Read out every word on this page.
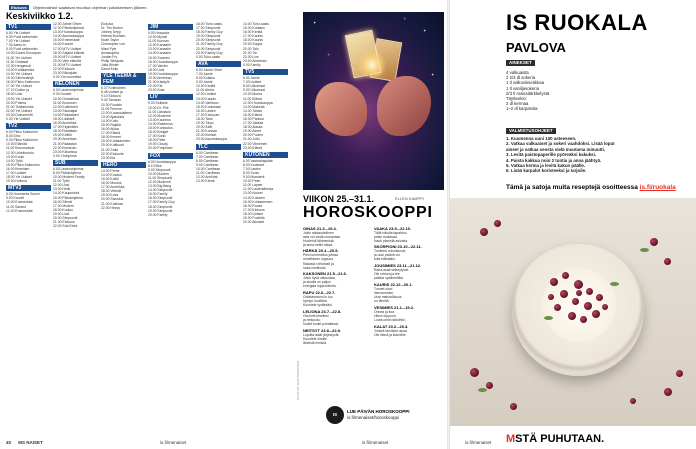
Etukuva Ohjelmatiedot saattavat muuttua ohjelman julkaisemisen jälkeen.
Keskiviikko 1.2.
TV1
6.00 Yle Uutiset
6.30 Puoli seitsemän
7.00 Yle Uutiset
7.30 Aamu-tv
9.00 Puoli seitsemän
10.00 Suomi-Euroopan
11.00 Yle Uutiset
11.30 Oddasat
12.00 Hengessä
13.00 Kohtaamisia
14.00 Yle Uutiset
15.00 Silminnäkijä
16.00 Pikku Kakkonen
17.00 Yle Uutiset
17.10 Doktor ja
18.00 Uusi
19.00 Yle Uutiset
20.00 Prisma
21.00 Tositarinoita
22.00 Yle Uutiset
23.00 Dokumentti
0.00 Yle Uutiset
TV2
6.00 Pikku Kakkonen
8.00 Dino
9.00 Pikku Kakkonen
10.00 Elämää
11.00 Kuurosokeat
12.00 Urheiluruutu
13.00 Koulu
14.00 Tyttö
15.00 Pikku Kakkonen
16.00 Ihmeiden
17.00 Uutiset
18.00 Yle Uutiset
19.00 Hulluna
MTV3
6.00 Huomenta Suomi
9.00 Kauniit
10.00 Emmerdale
11.00 Salatut
12.00 Emmerdale
12.00 Jamie Oliver:
12.30 Päiväohjelmat
13.00 Huutokauppa
14.00 Asuntokauppa
15.00 Emmerdale
16.00 Kauniit
17.00 MTV Uutiset
18.00 Salatut elämät
19.00 MTV Uutiset
20.00 Vain elämää
21.00 MTV Uutiset
22.00 Elokuva
23.00 Rikosjuttu
0.00 Yön kuuntelut
NELONEN
6.00 Lastenohjelmia
9.00 Huuset
10.00 Ostostelua
11.00 Kuutosen
12.00 Kotitreenit
13.00 Sisustajat
14.00 Rakastaen
15.00 Lääkärit
16.00 Amerikka
17.00 Kirjaintieto
18.00 Rantatalo
19.00 Keittiö
20.00 Amerikan
21.00 Rakastan
22.00 Ihmisrotu
23.00 Kiikarissa
0.00 Yöohjelma
SUB
6.00 Lastenohjelmia
8.00 Päiväohjelma
10.00 Modern Family
11.00 Tyttö
12.00 Uusi
13.00 Hetki
14.00 Kaupunkini
15.00 Päiväohjelma
16.00 Silmät
17.00 Modern
18.00 Kuuluu
19.00 Uusi
20.00 Simpsonit
21.00 Elokuva
22.00 Sub Extra
Elokuva
Dr. Tim Burton
Johnny Depp
Helena Bonham
Noah Taylor
Christopher Lee
Missi Pyle
Annasophia
Jordan Fry
Philip Wiegratz
Julia Winter
David Kelly
YLE TEEMA & FEM
6.37 Kotimainen
8.48 Uutiset ja
9.10 Elokuva
9.40 Tanskan
10.30 Ruotsin
11.00 Perinne
12.00 Kuvaustaiteen
13.00 Ajatuksia
14.00 Koko
15.00 Rajalla
16.00 Aikaa
17.00 Elämä
18.00 Ihmeet
19.00 Kohtaaminen
20.00 Kulttuurit
21.00 Sofia
22.00 Elokuvat
23.00 Ilta
HERO
13.00 Perhe
14.00 Kuvaus
15.00 Kokki
16.00 Muutos
17.00 Amerikka
18.00 Virkeät
19.00 Kova
20.00 Sisustus
21.00 Kotimaa
22.00 Heavy
JIM
9.00 Hospoda
10.00 Mynät
11.00 Kunnan
12.00 Kanaalin
13.00 Kanaalin
14.00 Kanaalin
15.00 Suomen
16.00 Huutokauppa
17.00 Vahdin
18.00 Uusi
19.00 Huutokauppa
20.00 Amerikan
21.00 Käsityöt
22.00 Fat
23.00 Sota
LIV
9.00 Solitaire
10.00 Dr. Phil
11.00 Läsnäolo
12.00 Modernit
13.00 Kauneus
14.00 Rakennus
15.00 Kuntoutus
16.00 Bridget
17.00 Sonic
18.00 Peter
19.00 Cloudy
20.00 Pohjoinen
FOX
6.00 Huutokauppa
8.10 Bee
9.00 Simpsonit
10.00 Modern
11.00 Simpsonit
12.00 Modernit
13.00 Big Bang
14.00 Simpsonit
15.00 Family
16.00 Simpsonit
17.00 Family Guy
18.00 Simpsonit
19.00 Simpsonit
20.00 Family
16.00 Tuho-sastu
17.00 Simpsonit
18.00 Family Guy
19.00 Simpsonit
20.00 Simpsonit
21.00 Family Guy
22.00 Simpsonit
23.00 Family Guy
0.00 Tuho-sastu
AVA
6.00 Jamie Oliver
7.00 Jamie
8.00 Kotiasu
9.00 Jamie
10.00 Kenttä
11.00 Ateria
12.00 Undine
13.00 Kaunis
14.00 Vaihtoon
15.00 Kuninkaat
16.00 Lasten
17.00 Elokuvan
18.00 Talot
19.00 Täysi
20.00 Äidit
21.00 Kunnan
22.00 Ihmiset
23.00 Asuntokauppa
TLC
6.00 Carribean
7.00 Carribean
8.00 Carribean
9.00 Carribean
10.00 Carribean
11.00 Carribean
12.00 Anniiriat
13.00 Kärnä
14.00 Tuho-sastu
15.00 Kohtaus
16.00 Kenttä
17.00 Kaunis
18.00 Kaunis
19.00 Soppa
20.00 Talo
21.00 Tie
22.00 Live
23.00 Amerikan
0.00 Family
TV5
6.00 Jamie
7.00 Uutiset
8.00 Ulkomaat
9.00 Ulkomaat
10.00 Murha
11.00 Elämä
12.00 Huutokauppa
13.00 Makeda
14.00 Taivas
15.00 Elämä
16.00 Parkour
17.00 Jäässä
18.00 Alaska
19.00 Aseet
20.00 Puolen
21.00 Juttu
22.00 Viimeinen
23.00 Elämä
KUTONEN
6.00 Vastustuspalat
6.00 Kuutoset
7.00 Lasten
8.00 Sonic
9.00 Monsterit
10.00 Peter
11.00 Lapset
12.00 Lastenlähetys
13.00 Nuoret
14.00 Kutosen
15.00 Kohtaaminen
16.00 Ruoka
17.00 Elokuva
18.00 Uutiset
19.00 Puolella
20.00 Aikuiset
40 MS NAISET	is.fi/menaiset
✦
✦
✧
✧
✦
VIIKON 25.–31.1.	ELLEN KAMPPI
HOROSKOOPPI
KUVITUS: SHUTTERSTOCK
OINAS 21.3.–19.4.
Jokin rakkaudellinen
asia voi viedä mukanaan.
Huolehdi lähimmistä,
ja anna heille aikaa.
HÄRKÄ 20.4.–20.5.
Pieni kommellus johtaa
onnelliseen loppuun.
Rakasta rohkeasti ja
luota intuitioosi.
KAKSONEN 21.5.–21.6.
Jokin hyvä vakuuttaa,
ja sinulla on paljon
energiaa loppuviikolla.
RAPU 22.6.–22.7.
Odottamaton ilo tuo
hymyn huulillesi.
Kuuntele sydäntäsi.
LEIJONA 23.7.–22.8.
Ota hetki itsellesi
ja rentoudu.
Uudet tuulet puhaltavat.
NEITSYT 23.8.–22.9.
Lopulta asiat järjestyvät.
Kuuntele sinulle
läheisiä ihmisiä.
VAAKA 23.9.–22.10.
Tällä viikolla tapahtuu
jotain mukavaa.
Nauti pienistä asioista.
SKORPIONI 23.10.–22.11.
Tunteesi voimistuvat,
ja uusi ystävä voi
tulla elämääsi.
JOUSIMIES 23.11.–21.12.
Raha-asiat selkeytyvät.
Ole rohkea ja tee
päätös sydämelläsi.
KAURIS 22.12.–20.1.
Tunnet olosi
itsevarmaksi.
Uusi mahdollisuus
on lähellä.
VESIMIES 21.1.–19.2.
Onnea ja iloa
viikon loppuun.
Luota omiin taitoihisi.
KALAT 20.2.–20.3.
Ystävä tarvitsee apua.
Ole läsnä ja kuuntele.
IS
LUE PÄIVÄN HOROSKOOPPI
is.fi/menaiset/horoskooppi
is.fi/menaiset
IS RUOKALA
PAVLOVA
AINEKSET
4 valkuaista
2 2/3 dl sokeria
1 tl valkoviinietikkaa
1 tl vaniljasokeria
2/3 tl maissitärkkelystä
Täytteeksi:
2 dl kermaa
1–2 dl karpaloita
VALMISTUSOHJEET
1. Kuumenna uuni 100 asteeseen.
2. Vatkaa valkuaiset ja sokeri vaahdoksi. Lisää loput
aineet ja vatkaa seosta vielä muutama minuutti.
3. Levitä paistopaperille pyöreäksi kakuksi.
4. Paista kakkua noin 2 tuntia ja anna jäähtyä.
5. Vatkaa kerma ja levitä kakun päälle.
6. Lisää karpalot koristeeksi ja tarjoile.
Tämä ja satoja muita reseptejä osoitteessa is.fi/ruokala
is.fi/menaiset MSTÄ PUHUTAAN.
